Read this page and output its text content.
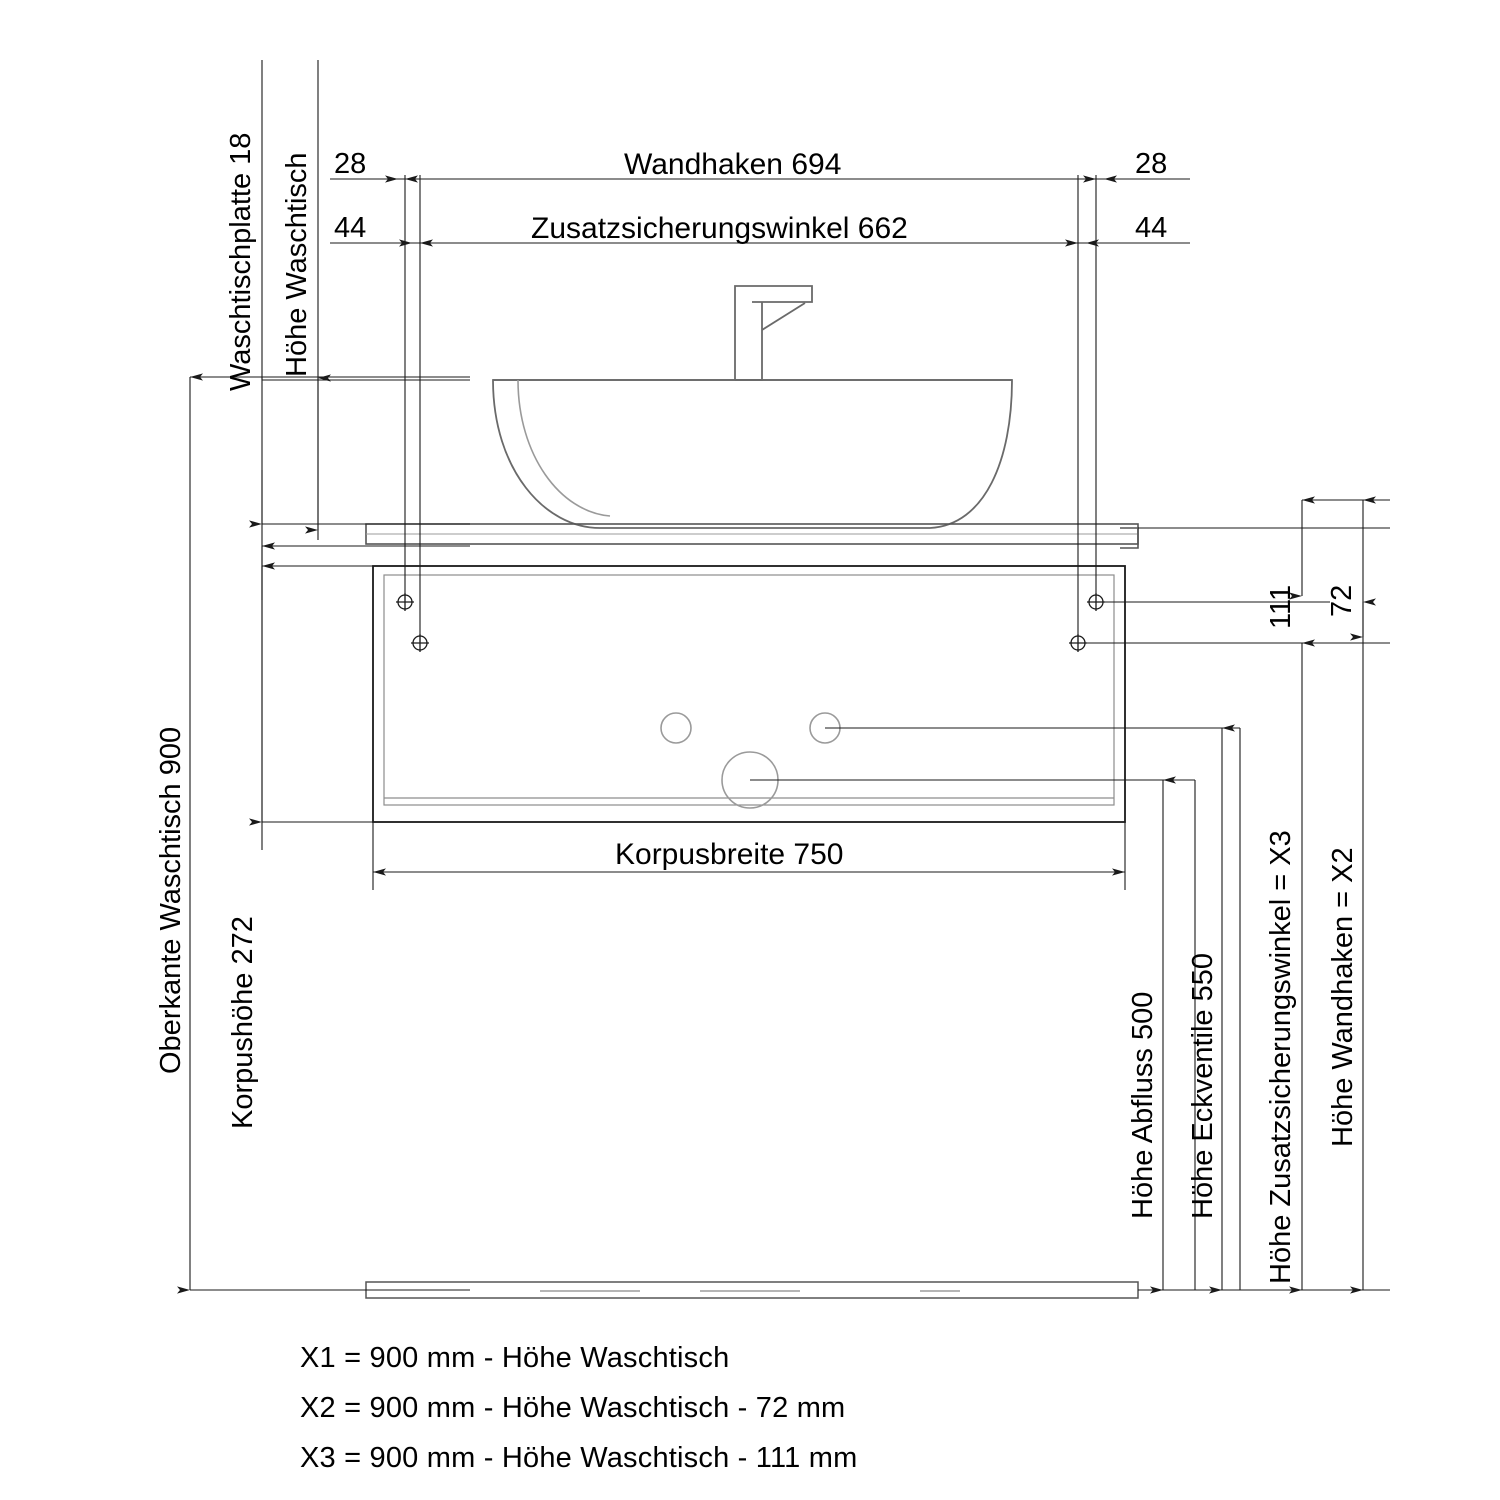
Waschtischplatte 18 Höhe Waschtisch
Oberkante Waschtisch 900 Korpushöhe 272
28	Wandhaken 694	28
44	Zusatzsicherungswinkel 662	44
Korpusbreite 750
111 72
Höhe Abfluss 500 Höhe Eckventile 550 Höhe Zusatzsicherungswinkel = X3 Höhe Wandhaken = X2
X1 = 900 mm - Höhe Waschtisch
X2 = 900 mm - Höhe Waschtisch - 72 mm
X3 = 900 mm - Höhe Waschtisch - 111 mm
